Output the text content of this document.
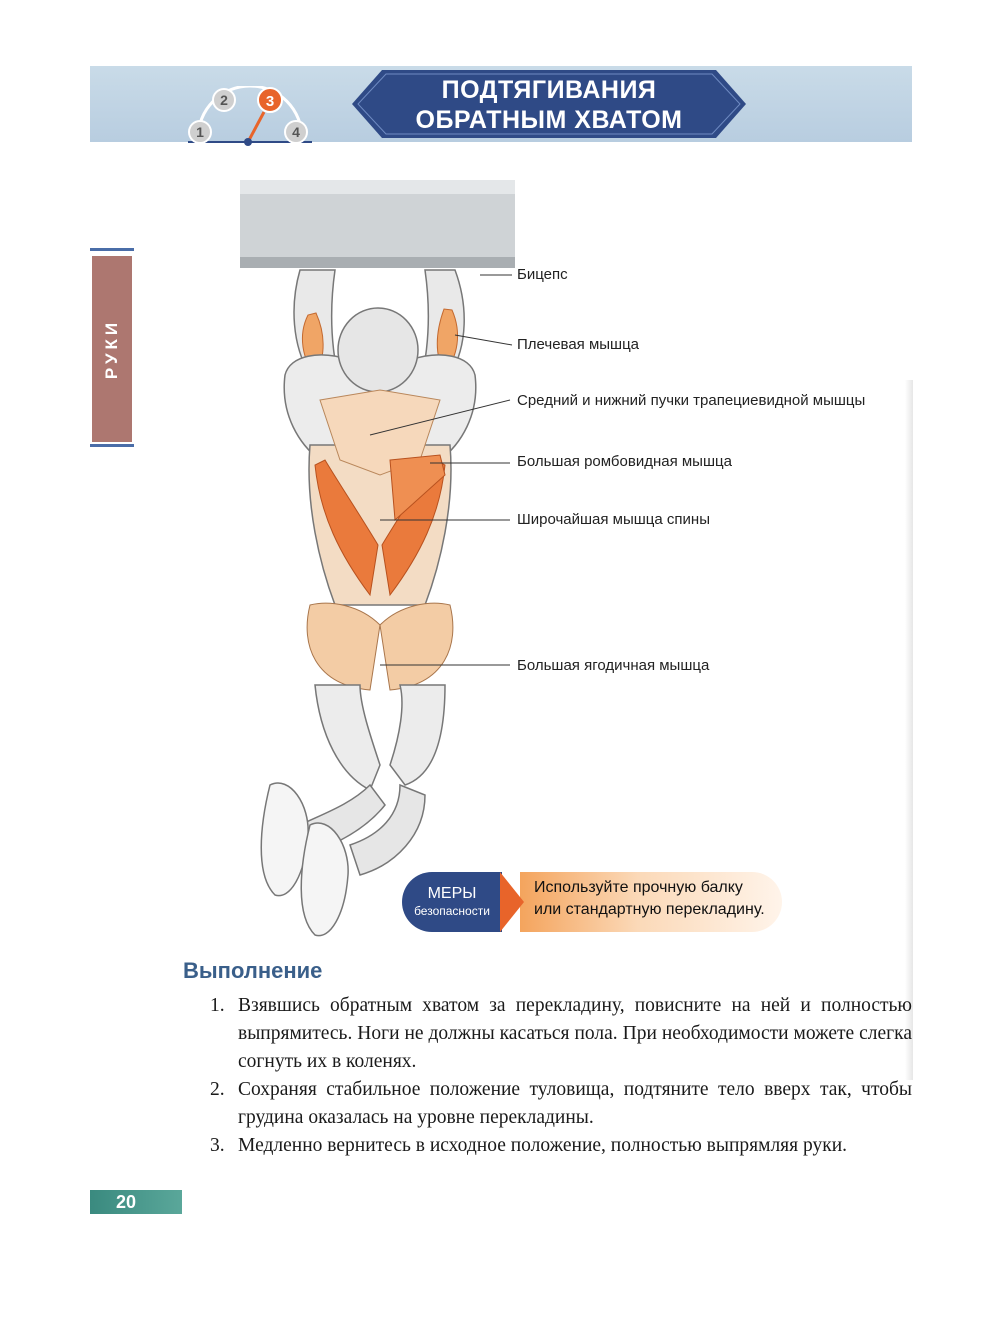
1
2	3
4
ПОДТЯГИВАНИЯ
ОБРАТНЫМ ХВАТОМ
РУКИ
Бицепс
Плечевая мышца
Средний и нижний пучки трапециевидной мышцы
Большая ромбовидная мышца
Широчайшая мышца спины
Большая ягодичная мышца
МЕРЫ
безопасности
Используйте прочную балку
или стандартную перекладину.
Выполнение

1. Взявшись обратным хватом за перекладину, повисните на ней и полностью выпрямитесь. Ноги не должны касаться пола. При необходимости можете слегка согнуть их в коленях.

2. Сохраняя стабильное положение туловища, подтяните тело вверх так, чтобы грудина оказалась на уровне перекладины.

3. Медленно вернитесь в исходное положение, полностью выпрямляя руки.

20
